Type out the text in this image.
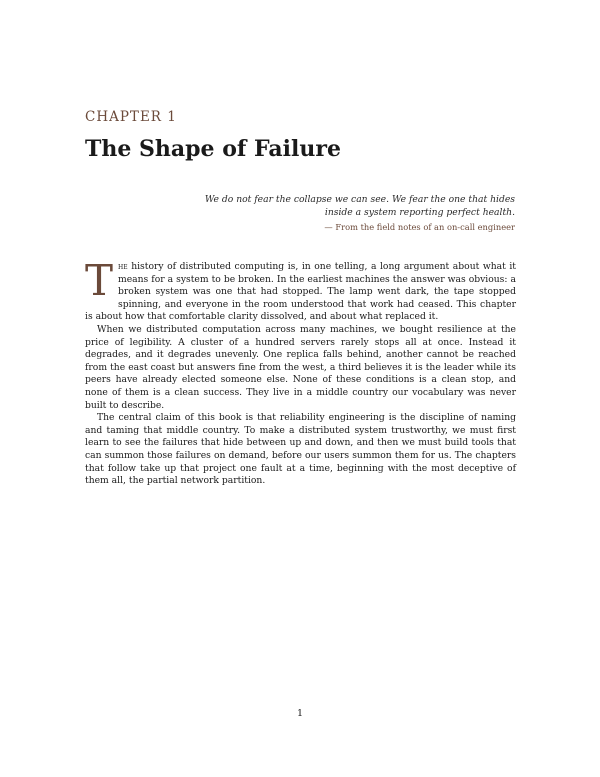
CHAPTER 1
The Shape of Failure
We do not fear the collapse we can see. We fear the one that hides
inside a system reporting perfect health.
— From the field notes of an on-call engineer

The history of distributed computing is, in one telling, a long argument about what it means for a system to be broken. In the earliest machines the answer was obvious: a broken system was one that had stopped. The lamp went dark, the tape stopped spinning, and everyone in the room understood that work had ceased. This chapter is about how that comfortable clarity dissolved, and about what replaced it.

When we distributed computation across many machines, we bought resilience at the price of legibility. A cluster of a hundred servers rarely stops all at once. Instead it degrades, and it degrades unevenly. One replica falls behind, another cannot be reached from the east coast but answers fine from the west, a third believes it is the leader while its peers have already elected someone else. None of these conditions is a clean stop, and none of them is a clean success. They live in a middle country our vocabulary was never built to describe.

The central claim of this book is that reliability engineering is the discipline of naming and taming that middle country. To make a distributed system trustworthy, we must first learn to see the failures that hide between up and down, and then we must build tools that can summon those failures on demand, before our users summon them for us. The chapters that follow take up that project one fault at a time, beginning with the most deceptive of them all, the partial network partition.

1
